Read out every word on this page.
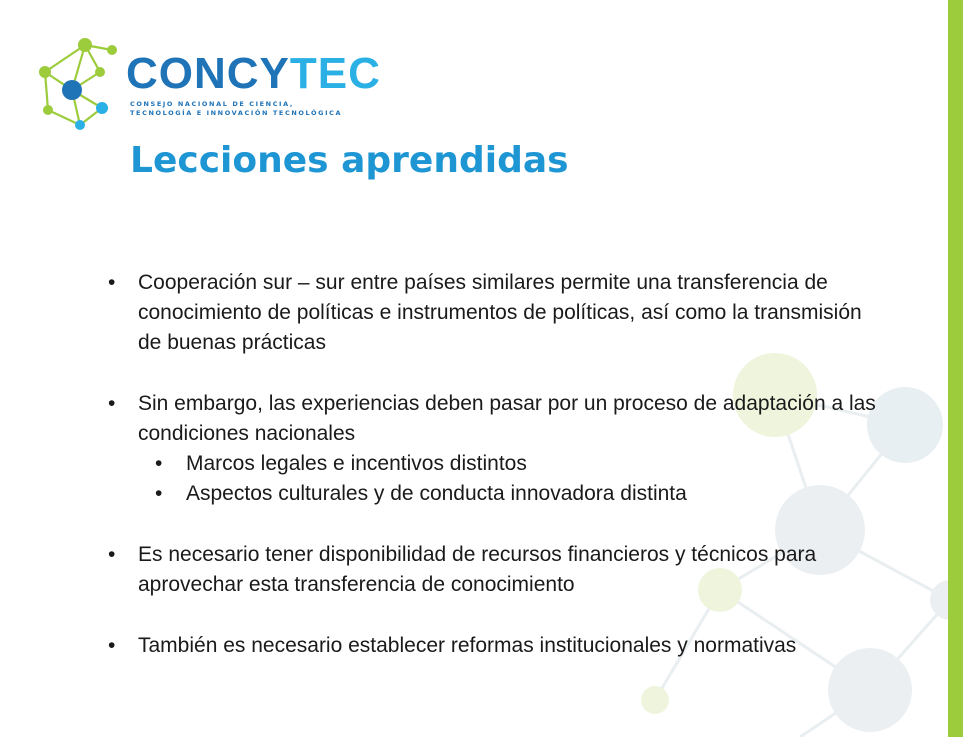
CONCYTEC
CONSEJO NACIONAL DE CIENCIA,
TECNOLOGÍA E INNOVACIÓN TECNOLÓGICA
Lecciones aprendidas

• Cooperación sur – sur entre países similares permite una transferencia de conocimiento de políticas e instrumentos de políticas, así como la transmisión de buenas prácticas

• Sin embargo, las experiencias deben pasar por un proceso de adaptación a las condiciones nacionales

• Marcos legales e incentivos distintos

• Aspectos culturales y de conducta innovadora distinta

• Es necesario tener disponibilidad de recursos financieros y técnicos para aprovechar esta transferencia de conocimiento

• También es necesario establecer reformas institucionales y normativas
